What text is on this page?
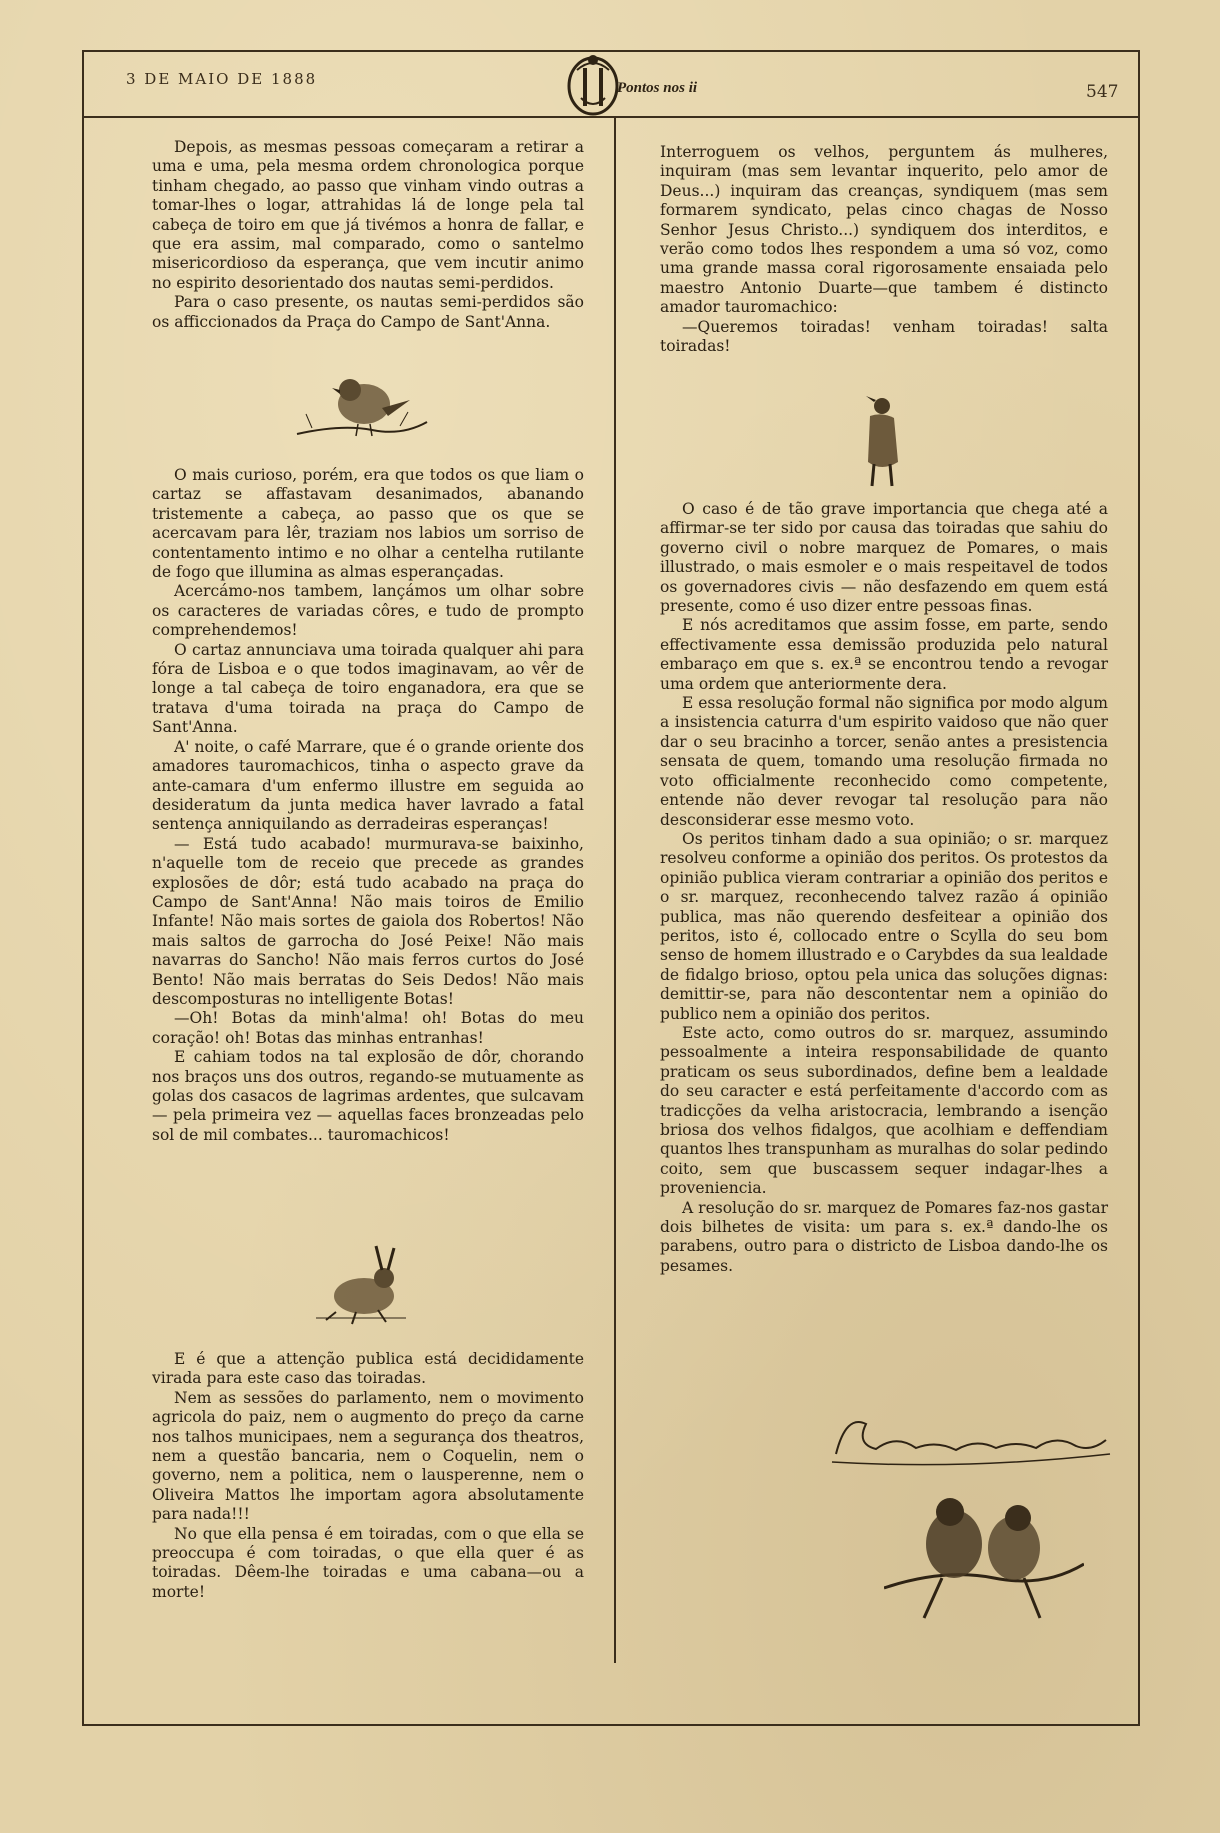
3 DE MAIO DE 1888
547
Pontos nos ii

Depois, as mesmas pessoas começaram a retirar a uma e uma, pela mesma ordem chronologica porque tinham chegado, ao passo que vinham vindo outras a tomar-lhes o logar, attrahidas lá de longe pela tal cabeça de toiro em que já tivémos a honra de fallar, e que era assim, mal comparado, como o santelmo misericordioso da esperança, que vem incutir animo no espirito desorientado dos nautas semi-perdidos.

Para o caso presente, os nautas semi-perdidos são os afficcionados da Praça do Campo de Sant'Anna.

O mais curioso, porém, era que todos os que liam o cartaz se affastavam desanimados, abanando tristemente a cabeça, ao passo que os que se acercavam para lêr, traziam nos labios um sorriso de contentamento intimo e no olhar a centelha rutilante de fogo que illumina as almas esperançadas.

Acercámo-nos tambem, lançámos um olhar sobre os caracteres de variadas côres, e tudo de prompto comprehendemos!

O cartaz annunciava uma toirada qualquer ahi para fóra de Lisboa e o que todos imaginavam, ao vêr de longe a tal cabeça de toiro enganadora, era que se tratava d'uma toirada na praça do Campo de Sant'Anna.

A' noite, o café Marrare, que é o grande oriente dos amadores tauromachicos, tinha o aspecto grave da ante-camara d'um enfermo illustre em seguida ao desideratum da junta medica haver lavrado a fatal sentença anniquilando as derradeiras esperanças!

— Está tudo acabado! murmurava-se baixinho, n'aquelle tom de receio que precede as grandes explosões de dôr; está tudo acabado na praça do Campo de Sant'Anna! Não mais toiros de Emilio Infante! Não mais sortes de gaiola dos Robertos! Não mais saltos de garrocha do José Peixe! Não mais navarras do Sancho! Não mais ferros curtos do José Bento! Não mais berratas do Seis Dedos! Não mais descomposturas no intelligente Botas!

—Oh! Botas da minh'alma! oh! Botas do meu coração! oh! Botas das minhas entranhas!

E cahiam todos na tal explosão de dôr, chorando nos braços uns dos outros, regando-se mutuamente as golas dos casacos de lagrimas ardentes, que sulcavam — pela primeira vez — aquellas faces bronzeadas pelo sol de mil combates... tauromachicos!

E é que a attenção publica está decididamente virada para este caso das toiradas.

Nem as sessões do parlamento, nem o movimento agricola do paiz, nem o augmento do preço da carne nos talhos municipaes, nem a segurança dos theatros, nem a questão bancaria, nem o Coquelin, nem o governo, nem a politica, nem o lausperenne, nem o Oliveira Mattos lhe importam agora absolutamente para nada!!!

No que ella pensa é em toiradas, com o que ella se preoccupa é com toiradas, o que ella quer é as toiradas. Dêem-lhe toiradas e uma cabana—ou a morte!

Interroguem os velhos, perguntem ás mulheres, inquiram (mas sem levantar inquerito, pelo amor de Deus...) inquiram das creanças, syndiquem (mas sem formarem syndicato, pelas cinco chagas de Nosso Senhor Jesus Christo...) syndiquem dos interditos, e verão como todos lhes respondem a uma só voz, como uma grande massa coral rigorosamente ensaiada pelo maestro Antonio Duarte—que tambem é distincto amador tauromachico:

—Queremos toiradas! venham toiradas! salta toiradas!

O caso é de tão grave importancia que chega até a affirmar-se ter sido por causa das toiradas que sahiu do governo civil o nobre marquez de Pomares, o mais illustrado, o mais esmoler e o mais respeitavel de todos os governadores civis — não desfazendo em quem está presente, como é uso dizer entre pessoas finas.

E nós acreditamos que assim fosse, em parte, sendo effectivamente essa demissão produzida pelo natural embaraço em que s. ex.ª se encontrou tendo a revogar uma ordem que anteriormente dera.

E essa resolução formal não significa por modo algum a insistencia caturra d'um espirito vaidoso que não quer dar o seu bracinho a torcer, senão antes a presistencia sensata de quem, tomando uma resolução firmada no voto officialmente reconhecido como competente, entende não dever revogar tal resolução para não desconsiderar esse mesmo voto.

Os peritos tinham dado a sua opinião; o sr. marquez resolveu conforme a opinião dos peritos. Os protestos da opinião publica vieram contrariar a opinião dos peritos e o sr. marquez, reconhecendo talvez razão á opinião publica, mas não querendo desfeitear a opinião dos peritos, isto é, collocado entre o Scylla do seu bom senso de homem illustrado e o Carybdes da sua lealdade de fidalgo brioso, optou pela unica das soluções dignas: demittir-se, para não descontentar nem a opinião do publico nem a opinião dos peritos.

Este acto, como outros do sr. marquez, assumindo pessoalmente a inteira responsabilidade de quanto praticam os seus subordinados, define bem a lealdade do seu caracter e está perfeitamente d'accordo com as tradicções da velha aristocracia, lembrando a isenção briosa dos velhos fidalgos, que acolhiam e deffendiam quantos lhes transpunham as muralhas do solar pedindo coito, sem que buscassem sequer indagar-lhes a proveniencia.

A resolução do sr. marquez de Pomares faz-nos gastar dois bilhetes de visita: um para s. ex.ª dando-lhe os parabens, outro para o districto de Lisboa dando-lhe os pesames.
